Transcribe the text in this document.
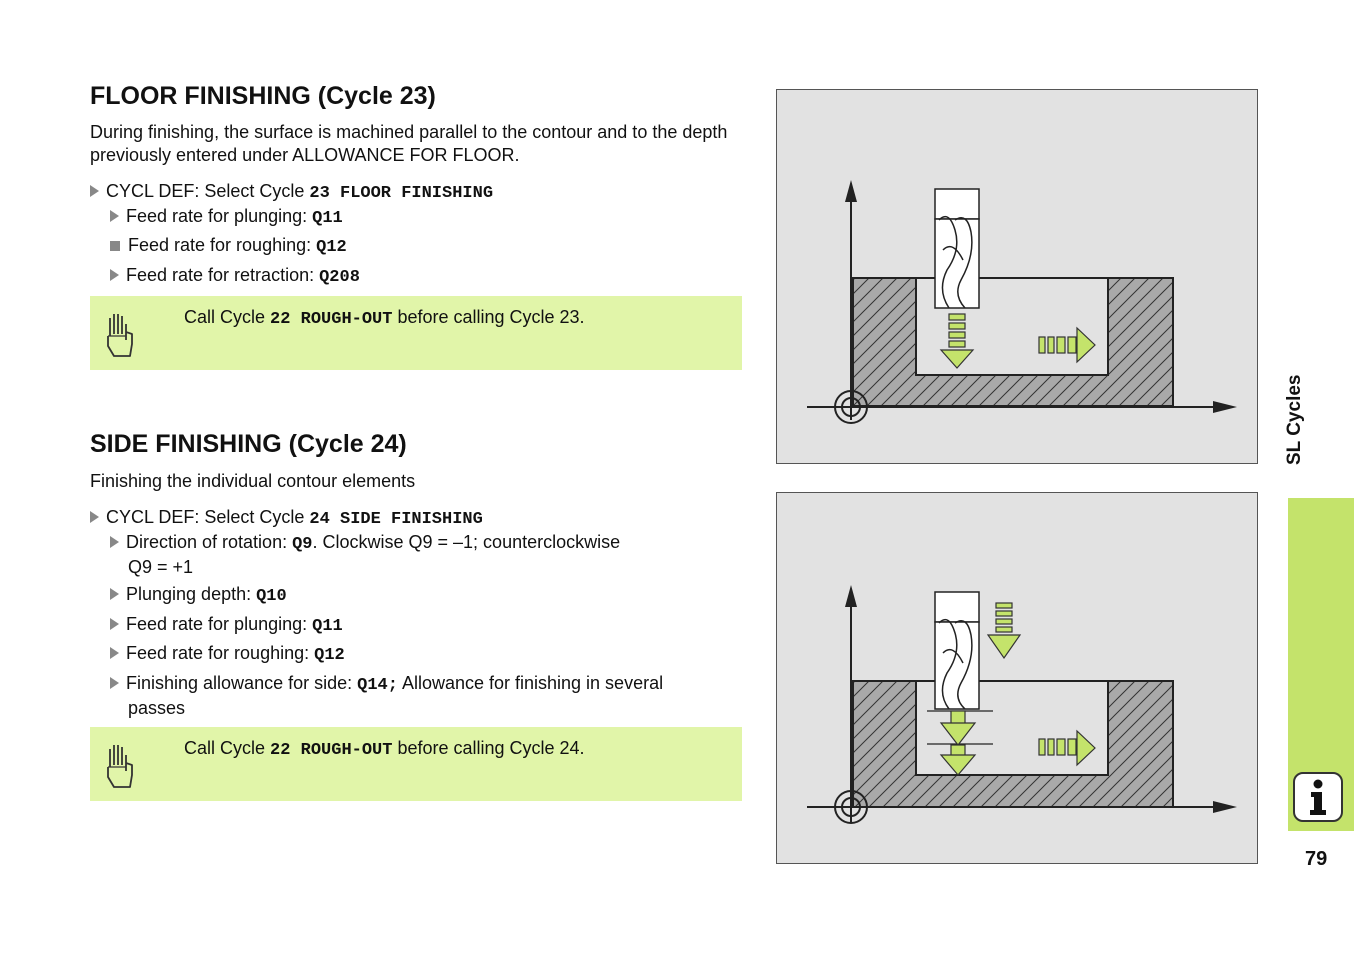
FLOOR FINISHING (Cycle 23)

During finishing, the surface is machined parallel to the contour and to the depth previously entered under ALLOWANCE FOR FLOOR.

CYCL DEF: Select Cycle 23 FLOOR FINISHING
Feed rate for plunging: Q11
Feed rate for roughing: Q12
Feed rate for retraction: Q208
Call Cycle 22 ROUGH-OUT before calling Cycle 23.
SIDE FINISHING (Cycle 24)

Finishing the individual contour elements

CYCL DEF: Select Cycle 24 SIDE FINISHING
Direction of rotation: Q9. Clockwise Q9 = –1; counterclockwise
Q9 = +1
Plunging depth: Q10
Feed rate for plunging: Q11
Feed rate for roughing: Q12
Finishing allowance for side: Q14; Allowance for finishing in several
passes
Call Cycle 22 ROUGH-OUT before calling Cycle 24.
SL Cycles
79
